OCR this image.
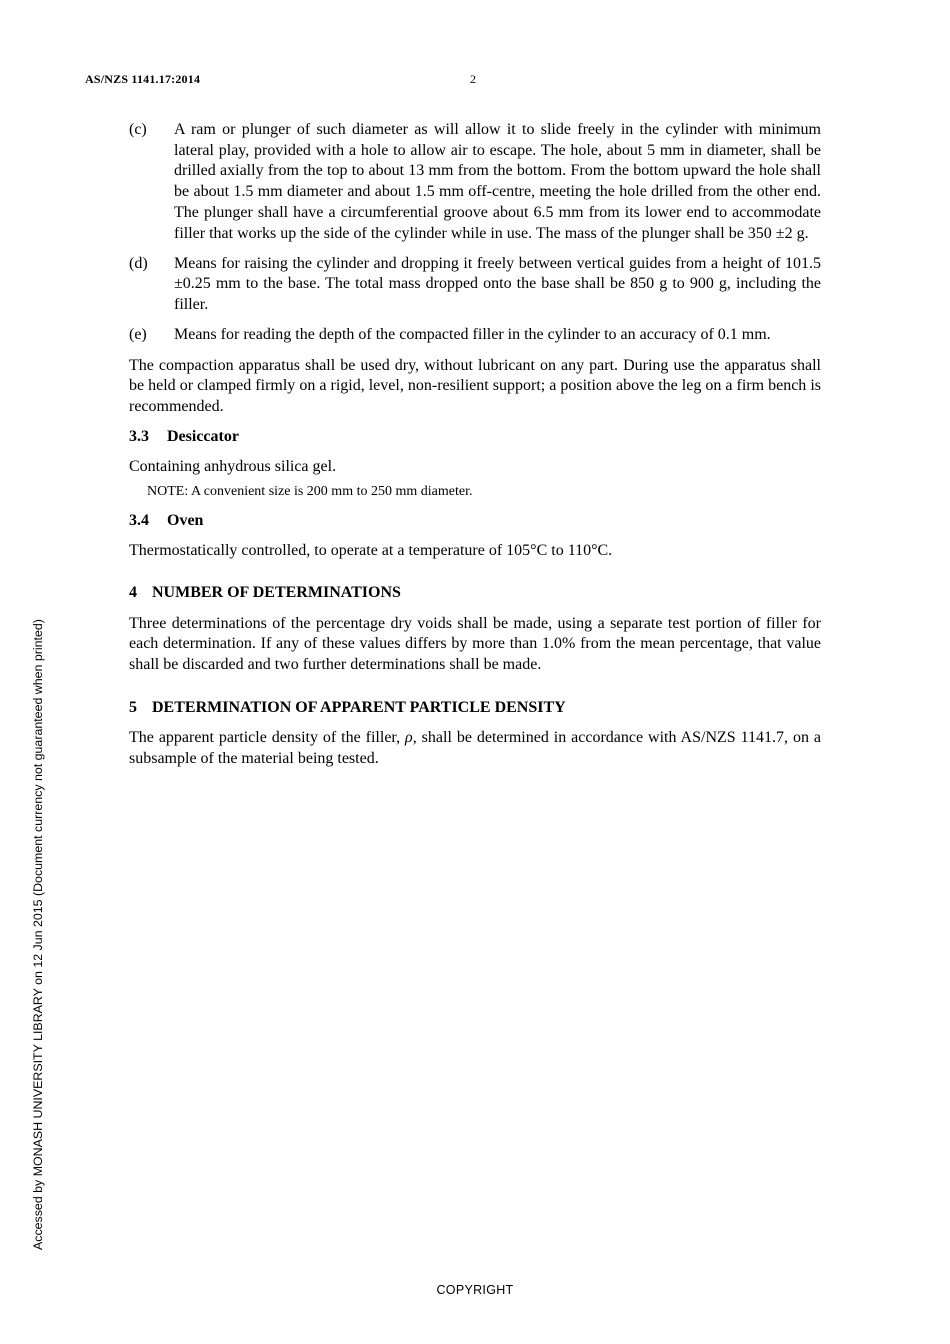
AS/NZS 1141.17:2014	2
(c)	A ram or plunger of such diameter as will allow it to slide freely in the cylinder with minimum lateral play, provided with a hole to allow air to escape. The hole, about 5 mm in diameter, shall be drilled axially from the top to about 13 mm from the bottom. From the bottom upward the hole shall be about 1.5 mm diameter and about 1.5 mm off-centre, meeting the hole drilled from the other end. The plunger shall have a circumferential groove about 6.5 mm from its lower end to accommodate filler that works up the side of the cylinder while in use. The mass of the plunger shall be 350 ±2 g.
(d)	Means for raising the cylinder and dropping it freely between vertical guides from a height of 101.5 ±0.25 mm to the base. The total mass dropped onto the base shall be 850 g to 900 g, including the filler.
(e)	Means for reading the depth of the compacted filler in the cylinder to an accuracy of 0.1 mm.

The compaction apparatus shall be used dry, without lubricant on any part. During use the apparatus shall be held or clamped firmly on a rigid, level, non-resilient support; a position above the leg on a firm bench is recommended.

3.3 Desiccator

Containing anhydrous silica gel.

NOTE: A convenient size is 200 mm to 250 mm diameter.
3.4 Oven

Thermostatically controlled, to operate at a temperature of 105°C to 110°C.

4 NUMBER OF DETERMINATIONS

Three determinations of the percentage dry voids shall be made, using a separate test portion of filler for each determination. If any of these values differs by more than 1.0% from the mean percentage, that value shall be discarded and two further determinations shall be made.

5 DETERMINATION OF APPARENT PARTICLE DENSITY

The apparent particle density of the filler, ρ, shall be determined in accordance with AS/NZS 1141.7, on a subsample of the material being tested.

Accessed by MONASH UNIVERSITY LIBRARY on 12 Jun 2015 (Document currency not guaranteed when printed)
COPYRIGHT
